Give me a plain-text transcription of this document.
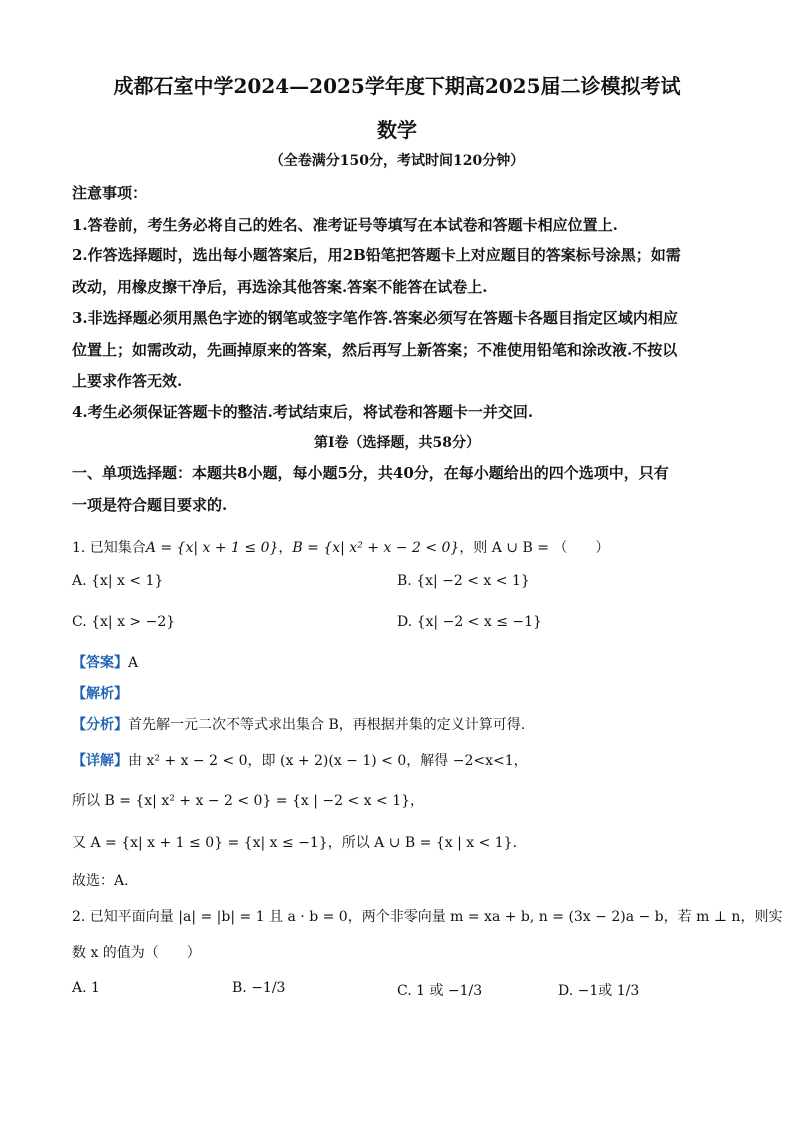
成都石室中学2024—2025学年度下期高2025届二诊模拟考试
数学
（全卷满分150分，考试时间120分钟）
注意事项：
1.答卷前，考生务必将自己的姓名、准考证号等填写在本试卷和答题卡相应位置上.
2.作答选择题时，选出每小题答案后，用2B铅笔把答题卡上对应题目的答案标号涂黑；如需
改动，用橡皮擦干净后，再选涂其他答案.答案不能答在试卷上.
3.非选择题必须用黑色字迹的钢笔或签字笔作答.答案必须写在答题卡各题目指定区域内相应
位置上；如需改动，先画掉原来的答案，然后再写上新答案；不准使用铅笔和涂改液.不按以
上要求作答无效.
4.考生必须保证答题卡的整洁.考试结束后，将试卷和答题卡一并交回.
第Ⅰ卷（选择题，共58分）
一、单项选择题：本题共8小题，每小题5分，共40分，在每小题给出的四个选项中，只有
一项是符合题目要求的.
1. 已知集合A = {x| x + 1 ≤ 0}，B = {x| x² + x − 2 < 0}，则 A ∪ B = （　　）
A. {x| x < 1}	B. {x| −2 < x < 1}
C. {x| x > −2}	D. {x| −2 < x ≤ −1}
【答案】A
【解析】
【分析】首先解一元二次不等式求出集合 B，再根据并集的定义计算可得.
【详解】由 x² + x − 2 < 0，即 (x + 2)(x − 1) < 0，解得 −2<x<1，
所以 B = {x| x² + x − 2 < 0} = {x | −2 < x < 1}，
又 A = {x| x + 1 ≤ 0} = {x| x ≤ −1}，所以 A ∪ B = {x | x < 1}.
故选：A.
2. 已知平面向量 |a| = |b| = 1 且 a · b = 0，两个非零向量 m = xa + b, n = (3x − 2)a − b，若 m ⊥ n，则实
数 x 的值为（　　）
A. 1	B. −1/3	C. 1 或 −1/3	D. −1或 1/3
